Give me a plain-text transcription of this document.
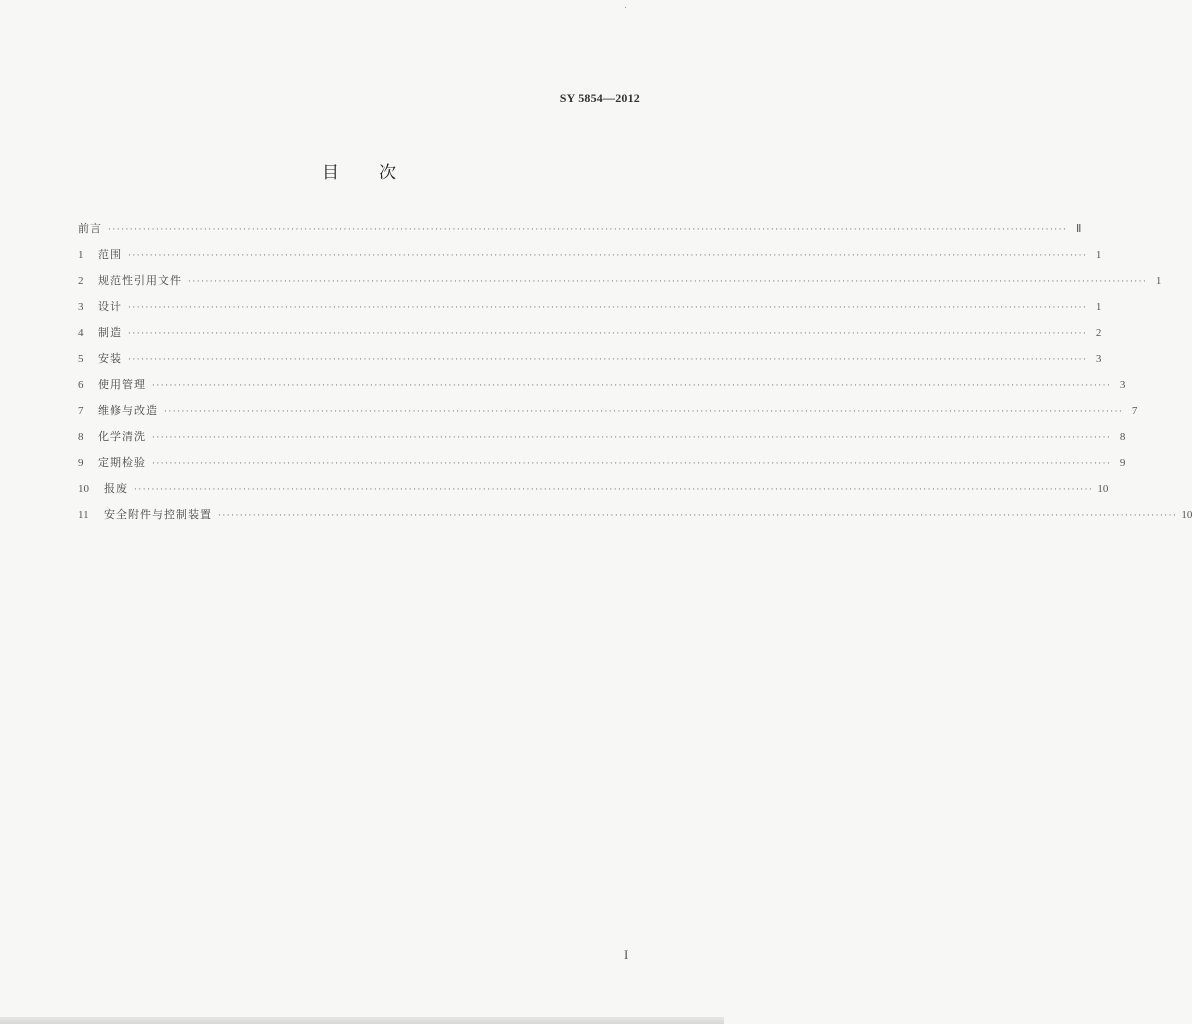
SY 5854—2012
目 次
前言 ···························································································································································································································· Ⅱ
1	范围 ···························································································································································································································· 1
2	规范性引用文件 ···························································································································································································································· 1
3	设计 ···························································································································································································································· 1
4	制造 ···························································································································································································································· 2
5	安装 ···························································································································································································································· 3
6	使用管理 ···························································································································································································································· 3
7	维修与改造 ···························································································································································································································· 7
8	化学清洗 ···························································································································································································································· 8
9	定期检验 ···························································································································································································································· 9
10	报废 ···························································································································································································································· 10
11	安全附件与控制装置 ···························································································································································································································· 10
I
